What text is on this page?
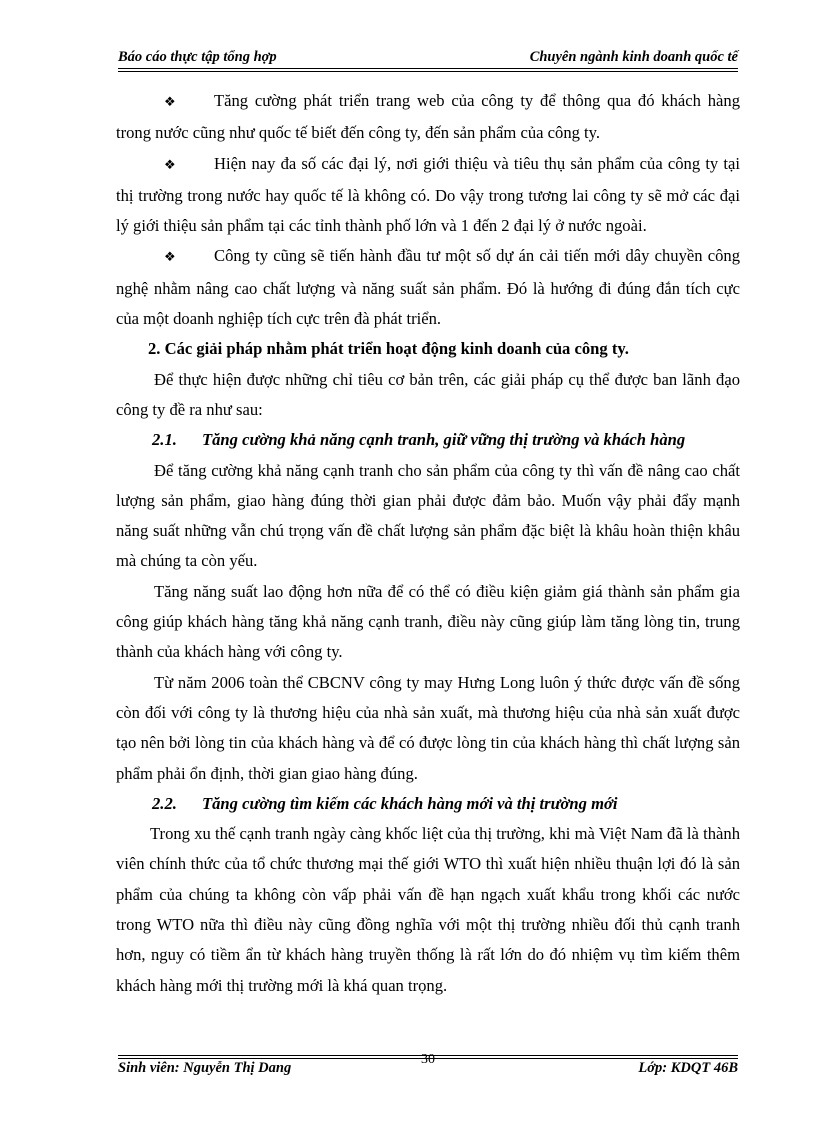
Báo cáo thực tập tổng hợp	Chuyên ngành kinh doanh quốc tế

❖ Tăng cường phát triển trang web của công ty để thông qua đó khách hàng trong nước cũng như quốc tế biết đến công ty, đến sản phẩm của công ty.

❖ Hiện nay đa số các đại lý, nơi giới thiệu và tiêu thụ sản phẩm của công ty tại thị trường trong nước hay quốc tế là không có. Do vậy trong tương lai công ty sẽ mở các đại lý giới thiệu sản phẩm tại các tỉnh thành phố lớn và 1 đến 2 đại lý ở nước ngoài.

❖ Công ty cũng sẽ tiến hành đầu tư một số dự án cải tiến mới dây chuyền công nghệ nhằm nâng cao chất lượng và năng suất sản phẩm. Đó là hướng đi đúng đắn tích cực của một doanh nghiệp tích cực trên đà phát triển.

2. Các giải pháp nhằm phát triển hoạt động kinh doanh của công ty.

Để thực hiện được những chỉ tiêu cơ bản trên, các giải pháp cụ thể được ban lãnh đạo công ty đề ra như sau:

2.1. Tăng cường khả năng cạnh tranh, giữ vững thị trường và khách hàng

Để tăng cường khả năng cạnh tranh cho sản phẩm của công ty thì vấn đề nâng cao chất lượng sản phẩm, giao hàng đúng thời gian phải được đảm bảo. Muốn vậy phải đẩy mạnh năng suất những vẫn chú trọng vấn đề chất lượng sản phẩm đặc biệt là khâu hoàn thiện khâu mà chúng ta còn yếu.

Tăng năng suất lao động hơn nữa để có thể có điều kiện giảm giá thành sản phẩm gia công giúp khách hàng tăng khả năng cạnh tranh, điều này cũng giúp làm tăng lòng tin, trung thành của khách hàng với công ty.

Từ năm 2006 toàn thể CBCNV công ty may Hưng Long luôn ý thức được vấn đề sống còn đối với công ty là thương hiệu của nhà sản xuất, mà thương hiệu của nhà sản xuất được tạo nên bởi lòng tin của khách hàng và để có được lòng tin của khách hàng thì chất lượng sản phẩm phải ổn định, thời gian giao hàng đúng.

2.2. Tăng cường tìm kiếm các khách hàng mới và thị trường mới

Trong xu thế cạnh tranh ngày càng khốc liệt của thị trường, khi mà Việt Nam đã là thành viên chính thức của tổ chức thương mại thế giới WTO thì xuất hiện nhiều thuận lợi đó là sản phẩm của chúng ta không còn vấp phải vấn đề hạn ngạch xuất khẩu trong khối các nước trong WTO nữa thì điều này cũng đồng nghĩa với một thị trường nhiều đối thủ cạnh tranh hơn, nguy có tiềm ẩn từ khách hàng truyền thống là rất lớn do đó nhiệm vụ tìm kiếm thêm khách hàng mới thị trường mới là khá quan trọng.

Sinh viên: Nguyễn Thị Dang
30
Lớp: KDQT 46B
